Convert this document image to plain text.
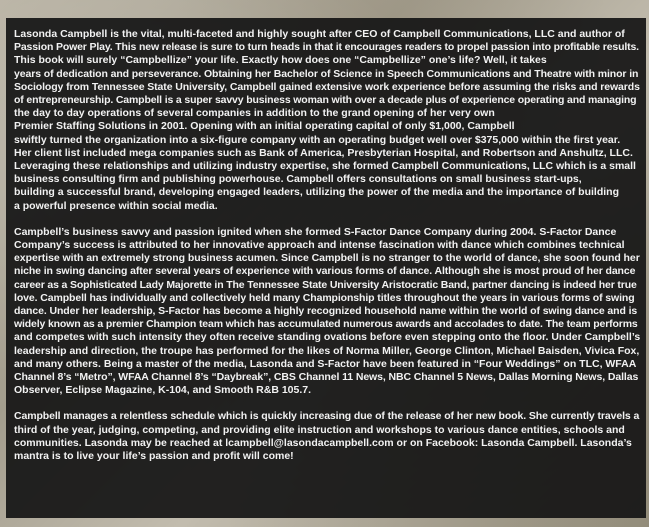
Lasonda Campbell is the vital, multi-faceted and highly sought after CEO of Campbell Communications, LLC and author of
Passion Power Play. This new release is sure to turn heads in that it encourages readers to propel passion into profitable results.
This book will surely “Campbellize” your life. Exactly how does one “Campbellize” one’s life? Well, it takes
years of dedication and perseverance. Obtaining her Bachelor of Science in Speech Communications and Theatre with minor in
Sociology from Tennessee State University, Campbell gained extensive work experience before assuming the risks and rewards
of entrepreneurship. Campbell is a super savvy business woman with over a decade plus of experience operating and managing
the day to day operations of several companies in addition to the grand opening of her very own
Premier Staffing Solutions in 2001. Opening with an initial operating capital of only $1,000, Campbell
swiftly turned the organization into a six-figure company with an operating budget well over $375,000 within the first year.
Her client list included mega companies such as Bank of America, Presbyterian Hospital, and Robertson and Anshultz, LLC.
Leveraging these relationships and utilizing industry expertise, she formed Campbell Communications, LLC which is a small
business consulting firm and publishing powerhouse. Campbell offers consultations on small business start-ups,
building a successful brand, developing engaged leaders, utilizing the power of the media and the importance of building
a powerful presence within social media.

Campbell’s business savvy and passion ignited when she formed S-Factor Dance Company during 2004. S-Factor Dance
Company’s success is attributed to her innovative approach and intense fascination with dance which combines technical
expertise with an extremely strong business acumen. Since Campbell is no stranger to the world of dance, she soon found her
niche in swing dancing after several years of experience with various forms of dance. Although she is most proud of her dance
career as a Sophisticated Lady Majorette in The Tennessee State University Aristocratic Band, partner dancing is indeed her true
love. Campbell has individually and collectively held many Championship titles throughout the years in various forms of swing
dance. Under her leadership, S-Factor has become a highly recognized household name within the world of swing dance and is
widely known as a premier Champion team which has accumulated numerous awards and accolades to date. The team performs
and competes with such intensity they often receive standing ovations before even stepping onto the floor. Under Campbell’s
leadership and direction, the troupe has performed for the likes of Norma Miller, George Clinton, Michael Baisden, Vivica Fox,
and many others. Being a master of the media, Lasonda and S-Factor have been featured in “Four Weddings” on TLC, WFAA
Channel 8’s “Metro”, WFAA Channel 8’s “Daybreak”, CBS Channel 11 News, NBC Channel 5 News, Dallas Morning News, Dallas
Observer, Eclipse Magazine, K-104, and Smooth R&B 105.7.

Campbell manages a relentless schedule which is quickly increasing due of the release of her new book. She currently travels a
third of the year, judging, competing, and providing elite instruction and workshops to various dance entities, schools and
communities. Lasonda may be reached at lcampbell@lasondacampbell.com or on Facebook: Lasonda Campbell. Lasonda’s
mantra is to live your life’s passion and profit will come!
